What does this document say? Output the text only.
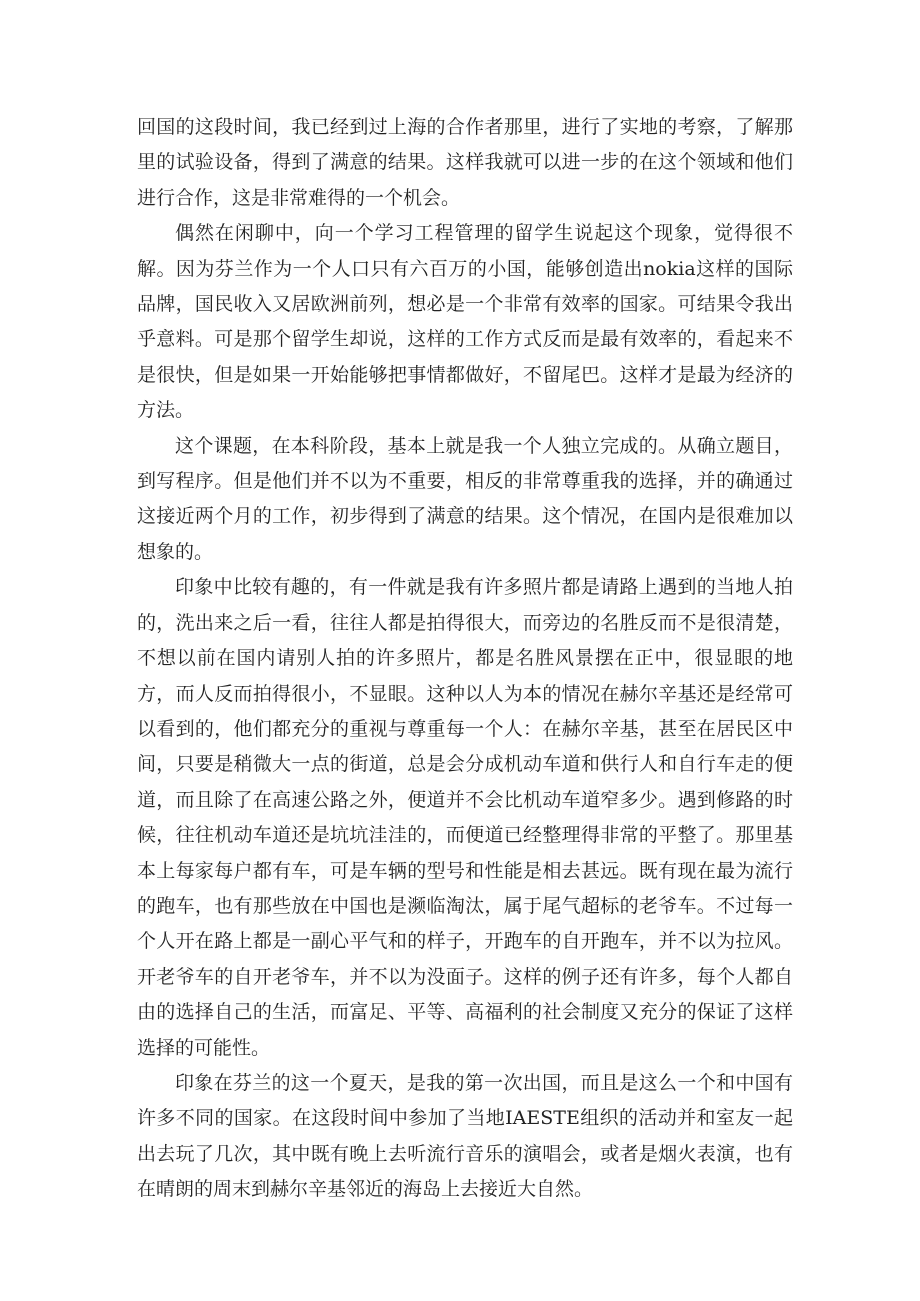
回国的这段时间，我已经到过上海的合作者那里，进行了实地的考察，了解那里的试验设备，得到了满意的结果。这样我就可以进一步的在这个领域和他们进行合作，这是非常难得的一个机会。

偶然在闲聊中，向一个学习工程管理的留学生说起这个现象，觉得很不解。因为芬兰作为一个人口只有六百万的小国，能够创造出nokia这样的国际品牌，国民收入又居欧洲前列，想必是一个非常有效率的国家。可结果令我出乎意料。可是那个留学生却说，这样的工作方式反而是最有效率的，看起来不是很快，但是如果一开始能够把事情都做好，不留尾巴。这样才是最为经济的方法。

这个课题，在本科阶段，基本上就是我一个人独立完成的。从确立题目，到写程序。但是他们并不以为不重要，相反的非常尊重我的选择，并的确通过这接近两个月的工作，初步得到了满意的结果。这个情况，在国内是很难加以想象的。

印象中比较有趣的，有一件就是我有许多照片都是请路上遇到的当地人拍的，洗出来之后一看，往往人都是拍得很大，而旁边的名胜反而不是很清楚，不想以前在国内请别人拍的许多照片，都是名胜风景摆在正中，很显眼的地方，而人反而拍得很小，不显眼。这种以人为本的情况在赫尔辛基还是经常可以看到的，他们都充分的重视与尊重每一个人：在赫尔辛基，甚至在居民区中间，只要是稍微大一点的街道，总是会分成机动车道和供行人和自行车走的便道，而且除了在高速公路之外，便道并不会比机动车道窄多少。遇到修路的时候，往往机动车道还是坑坑洼洼的，而便道已经整理得非常的平整了。那里基本上每家每户都有车，可是车辆的型号和性能是相去甚远。既有现在最为流行的跑车，也有那些放在中国也是濒临淘汰，属于尾气超标的老爷车。不过每一个人开在路上都是一副心平气和的样子，开跑车的自开跑车，并不以为拉风。开老爷车的自开老爷车，并不以为没面子。这样的例子还有许多，每个人都自由的选择自己的生活，而富足、平等、高福利的社会制度又充分的保证了这样选择的可能性。

印象在芬兰的这一个夏天，是我的第一次出国，而且是这么一个和中国有许多不同的国家。在这段时间中参加了当地IAESTE组织的活动并和室友一起出去玩了几次，其中既有晚上去听流行音乐的演唱会，或者是烟火表演，也有在晴朗的周末到赫尔辛基邻近的海岛上去接近大自然。
